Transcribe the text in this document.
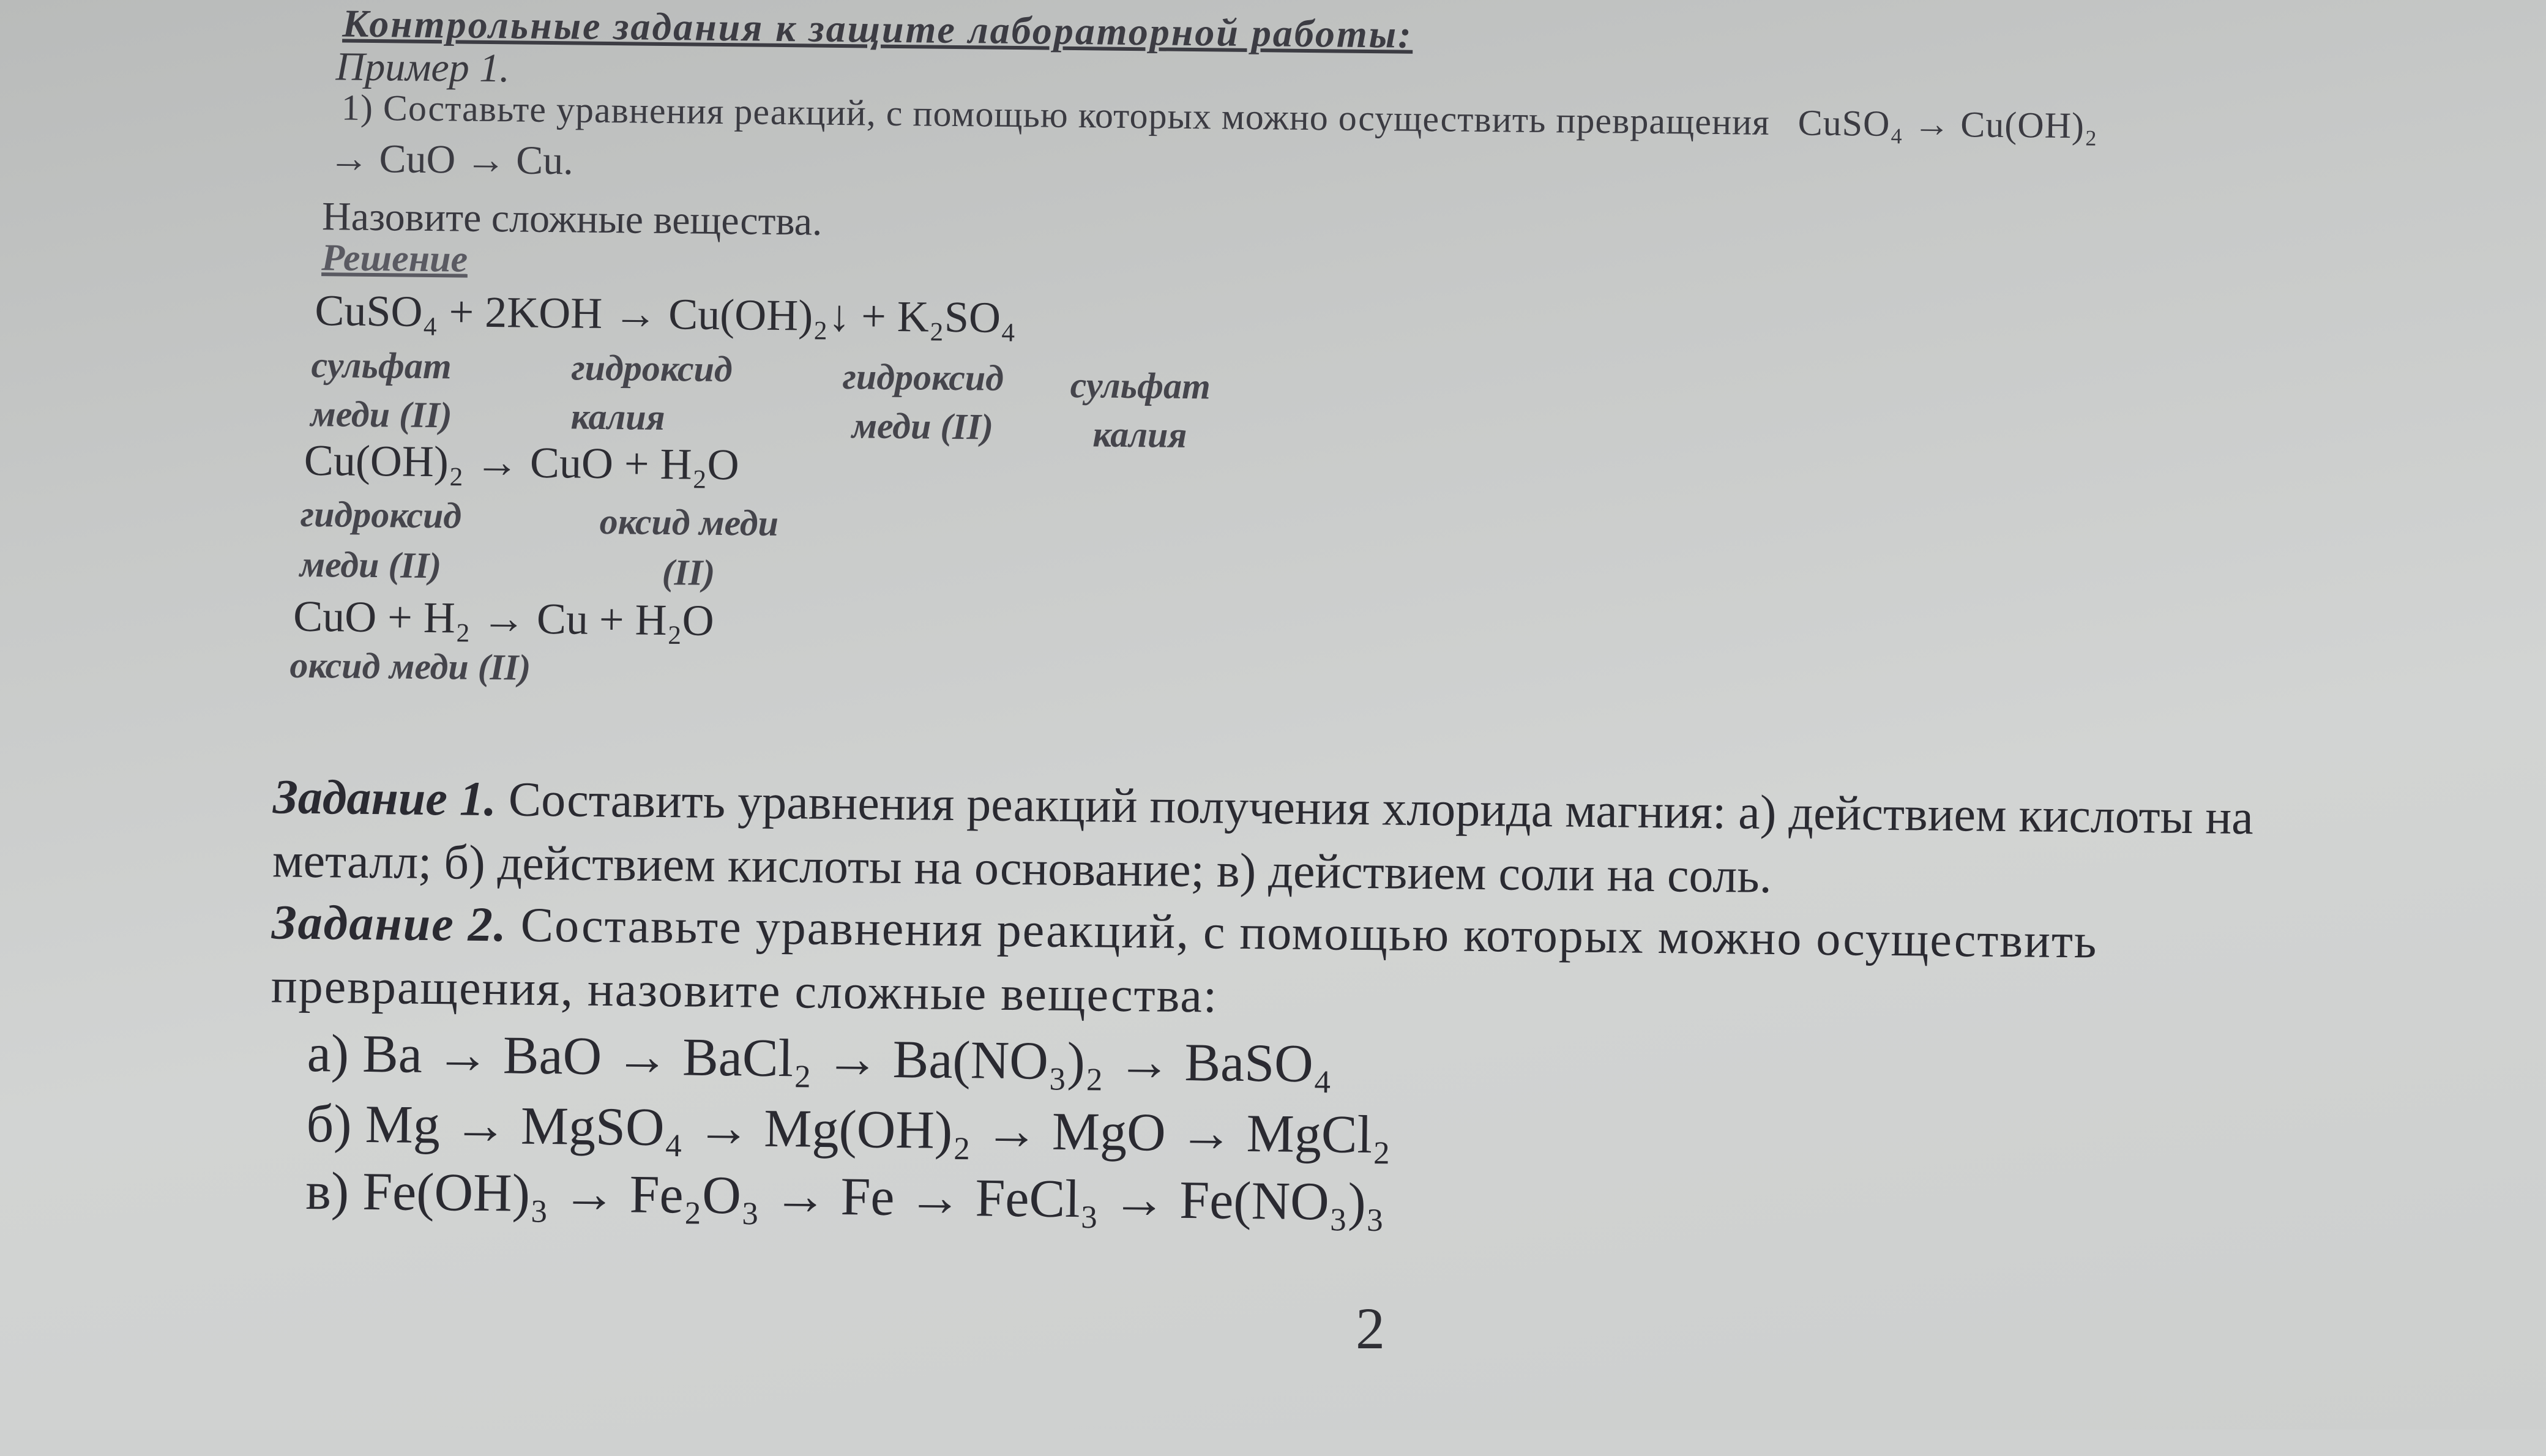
Контрольные задания к защите лабораторной работы:
Пример 1.
1) Составьте уравнения реакций, с помощью которых можно осуществить превращения CuSO₄ → Cu(OH)₂
→ CuO → Cu.
Назовите сложные вещества.
Решение
CuSO₄ + 2KOH → Cu(OH)₂↓ + K₂SO₄
сульфат меди (II)
гидроксид калия
гидроксид меди (II)
сульфат калия
Cu(OH)₂ → CuO + H₂O
гидроксид меди (II)
оксид меди (II)
CuO + H₂ → Cu + H₂O
оксид меди (II)
Задание 1. Составить уравнения реакций получения хлорида магния: а) действием кислоты на металл; б) действием кислоты на основание; в) действием соли на соль.
Задание 2. Составьте уравнения реакций, с помощью которых можно осуществить превращения, назовите сложные вещества:
а) Ba → BaO → BaCl₂ → Ba(NO₃)₂ → BaSO₄
б) Mg → MgSO₄ → Mg(OH)₂ → MgO → MgCl₂
в) Fe(OH)₃ → Fe₂O₃ → Fe → FeCl₃ → Fe(NO₃)₃
2
